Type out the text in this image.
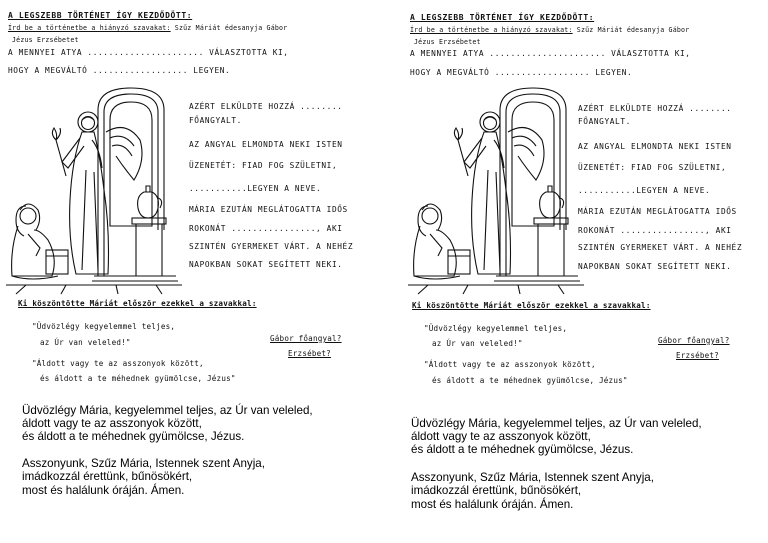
A LEGSZEBB TÖRTÉNET ÍGY KEZDŐDÖTT:
Írd be a történetbe a hiányzó szavakat: Szűz Máriát édesanyja Gábor
Jézus Erzsébetet
A MENNYEI ATYA ...................... VÁLASZTOTTA KI,
HOGY A MEGVÁLTÓ .................. LEGYEN.
AZÉRT ELKÜLDTE HOZZÁ ........
FŐANGYALT.
AZ ANGYAL ELMONDTA NEKI ISTEN
ÜZENETÉT: FIAD FOG SZÜLETNI,
...........LEGYEN A NEVE.
MÁRIA EZUTÁN MEGLÁTOGATTA IDŐS
ROKONÁT ................, AKI
SZINTÉN GYERMEKET VÁRT. A NEHÉZ
NAPOKBAN SOKAT SEGÍTETT NEKI.
Ki köszöntötte Máriát először ezekkel a szavakkal:
"Üdvözlégy kegyelemmel teljes,
az Úr van veleled!"	Gábor főangyal?
Erzsébet?
"Áldott vagy te az asszonyok között,
és áldott a te méhednek gyümölcse, Jézus"
Üdvözlégy Mária, kegyelemmel teljes, az Úr van veleled,
áldott vagy te az asszonyok között,
és áldott a te méhednek gyümölcse, Jézus.
Asszonyunk, Szűz Mária, Istennek szent Anyja,
imádkozzál érettünk, bűnösökért,
most és halálunk óráján. Ámen.
A LEGSZEBB TÖRTÉNET ÍGY KEZDŐDÖTT:
Írd be a történetbe a hiányzó szavakat: Szűz Máriát édesanyja Gábor
Jézus Erzsébetet
A MENNYEI ATYA ...................... VÁLASZTOTTA KI,
HOGY A MEGVÁLTÓ .................. LEGYEN.
AZÉRT ELKÜLDTE HOZZÁ ........
FŐANGYALT.
AZ ANGYAL ELMONDTA NEKI ISTEN
ÜZENETÉT: FIAD FOG SZÜLETNI,
...........LEGYEN A NEVE.
MÁRIA EZUTÁN MEGLÁTOGATTA IDŐS
ROKONÁT ................, AKI
SZINTÉN GYERMEKET VÁRT. A NEHÉZ
NAPOKBAN SOKAT SEGÍTETT NEKI.
Ki köszöntötte Máriát először ezekkel a szavakkal:
"Üdvözlégy kegyelemmel teljes,
az Úr van veleled!"	Gábor főangyal?
Erzsébet?
"Áldott vagy te az asszonyok között,
és áldott a te méhednek gyümölcse, Jézus"
Üdvözlégy Mária, kegyelemmel teljes, az Úr van veleled,
áldott vagy te az asszonyok között,
és áldott a te méhednek gyümölcse, Jézus.
Asszonyunk, Szűz Mária, Istennek szent Anyja,
imádkozzál érettünk, bűnösökért,
most és halálunk óráján. Ámen.
